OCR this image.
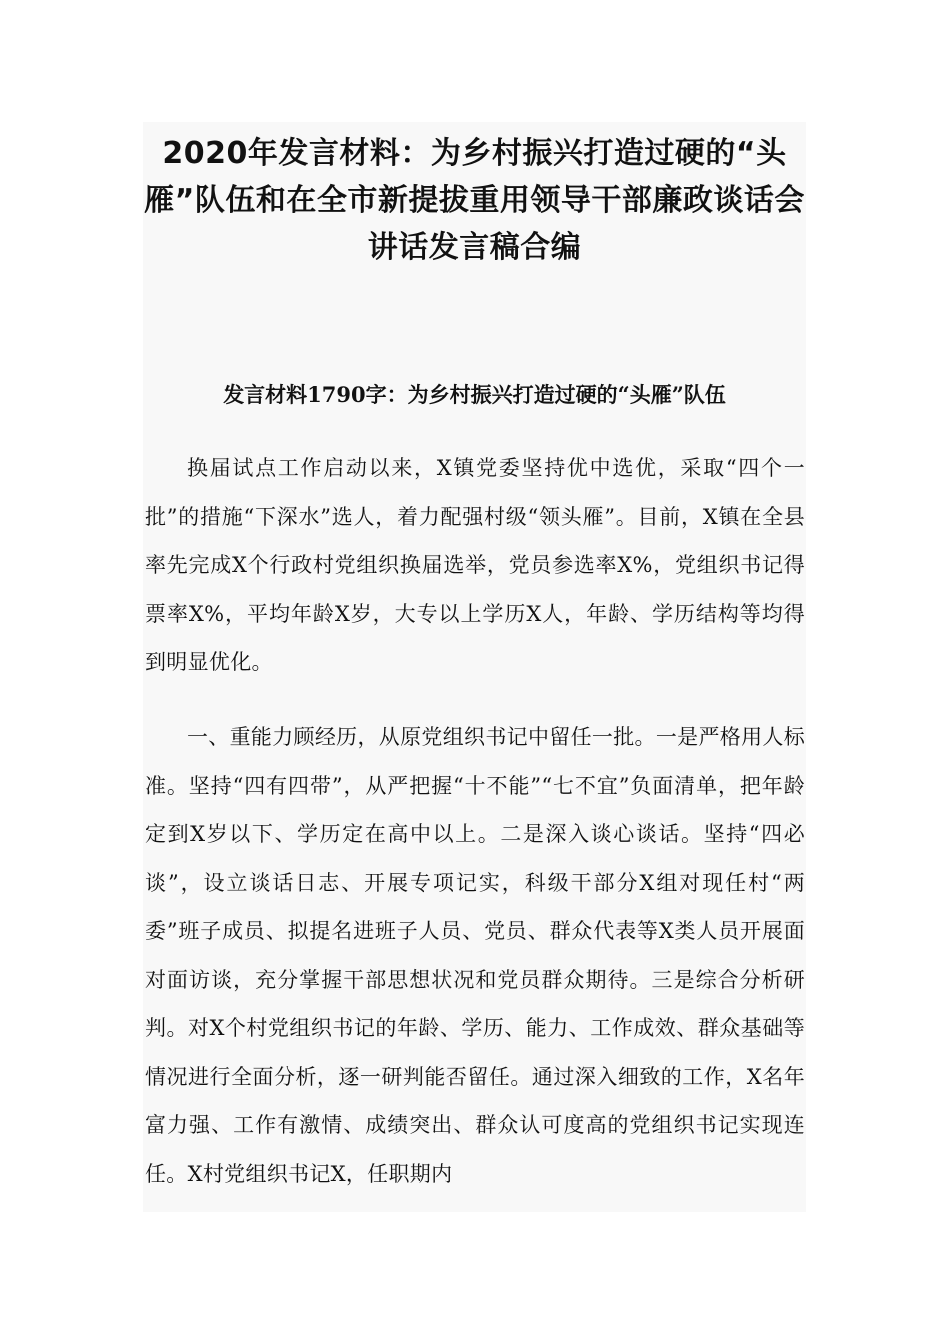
2020年发言材料：为乡村振兴打造过硬的“头雁”队伍和在全市新提拔重用领导干部廉政谈话会讲话发言稿合编
发言材料1790字：为乡村振兴打造过硬的“头雁”队伍

换届试点工作启动以来，X镇党委坚持优中选优，采取“四个一批”的措施“下深水”选人，着力配强村级“领头雁”。目前，X镇在全县率先完成X个行政村党组织换届选举，党员参选率X%，党组织书记得票率X%，平均年龄X岁，大专以上学历X人，年龄、学历结构等均得到明显优化。

一、重能力顾经历，从原党组织书记中留任一批。一是严格用人标准。坚持“四有四带”，从严把握“十不能”“七不宜”负面清单，把年龄定到X岁以下、学历定在高中以上。二是深入谈心谈话。坚持“四必谈”，设立谈话日志、开展专项记实，科级干部分X组对现任村“两委”班子成员、拟提名进班子人员、党员、群众代表等X类人员开展面对面访谈，充分掌握干部思想状况和党员群众期待。三是综合分析研判。对X个村党组织书记的年龄、学历、能力、工作成效、群众基础等情况进行全面分析，逐一研判能否留任。通过深入细致的工作，X名年富力强、工作有激情、成绩突出、群众认可度高的党组织书记实现连任。X村党组织书记X，任职期内
